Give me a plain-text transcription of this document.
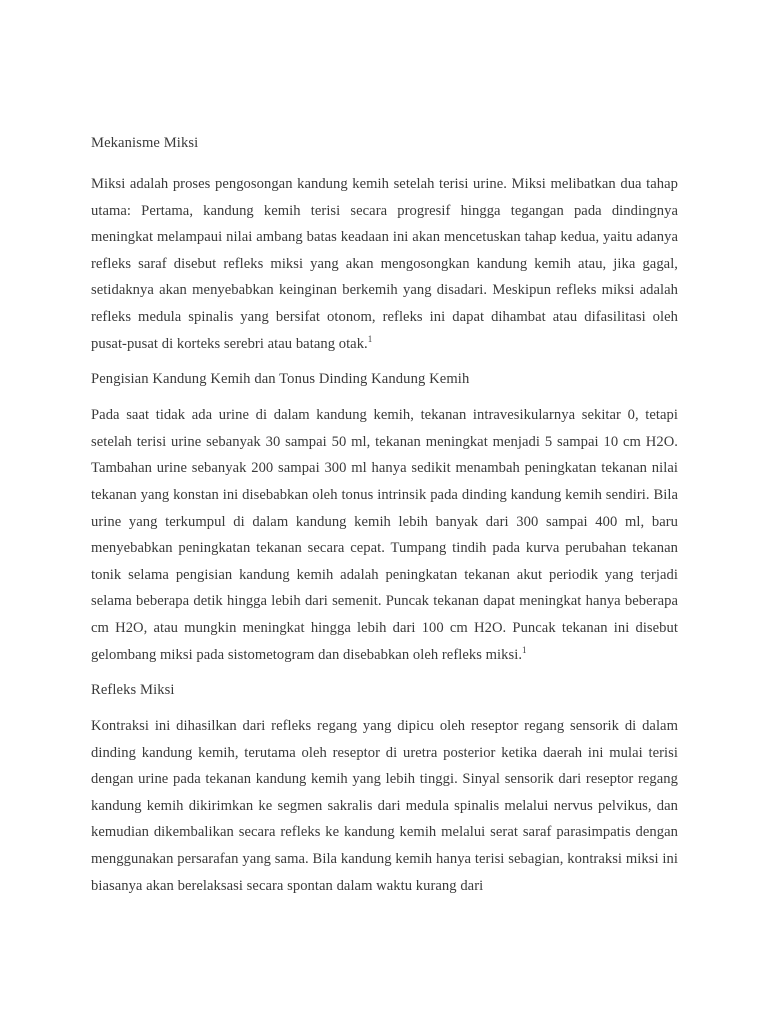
Mekanisme Miksi

Miksi adalah proses pengosongan kandung kemih setelah terisi urine. Miksi melibatkan dua tahap utama: Pertama, kandung kemih terisi secara progresif hingga tegangan pada dindingnya meningkat melampaui nilai ambang batas keadaan ini akan mencetuskan tahap kedua, yaitu adanya refleks saraf disebut refleks miksi yang akan mengosongkan kandung kemih atau, jika gagal, setidaknya akan menyebabkan keinginan berkemih yang disadari. Meskipun refleks miksi adalah refleks medula spinalis yang bersifat otonom, refleks ini dapat dihambat atau difasilitasi oleh pusat-pusat di korteks serebri atau batang otak.$^1$

Pengisian Kandung Kemih dan Tonus Dinding Kandung Kemih

Pada saat tidak ada urine di dalam kandung kemih, tekanan intravesikularnya sekitar 0, tetapi setelah terisi urine sebanyak 30 sampai 50 ml, tekanan meningkat menjadi 5 sampai 10 cm H2O. Tambahan urine sebanyak 200 sampai 300 ml hanya sedikit menambah peningkatan tekanan nilai tekanan yang konstan ini disebabkan oleh tonus intrinsik pada dinding kandung kemih sendiri. Bila urine yang terkumpul di dalam kandung kemih lebih banyak dari 300 sampai 400 ml, baru menyebabkan peningkatan tekanan secara cepat. Tumpang tindih pada kurva perubahan tekanan tonik selama pengisian kandung kemih adalah peningkatan tekanan akut periodik yang terjadi selama beberapa detik hingga lebih dari semenit. Puncak tekanan dapat meningkat hanya beberapa cm H2O, atau mungkin meningkat hingga lebih dari 100 cm H2O. Puncak tekanan ini disebut gelombang miksi pada sistometogram dan disebabkan oleh refleks miksi.$^1$

Refleks Miksi

Kontraksi ini dihasilkan dari refleks regang yang dipicu oleh reseptor regang sensorik di dalam dinding kandung kemih, terutama oleh reseptor di uretra posterior ketika daerah ini mulai terisi dengan urine pada tekanan kandung kemih yang lebih tinggi. Sinyal sensorik dari reseptor regang kandung kemih dikirimkan ke segmen sakralis dari medula spinalis melalui nervus pelvikus, dan kemudian dikembalikan secara refleks ke kandung kemih melalui serat saraf parasimpatis dengan menggunakan persarafan yang sama. Bila kandung kemih hanya terisi sebagian, kontraksi miksi ini biasanya akan berelaksasi secara spontan dalam waktu kurang dari
